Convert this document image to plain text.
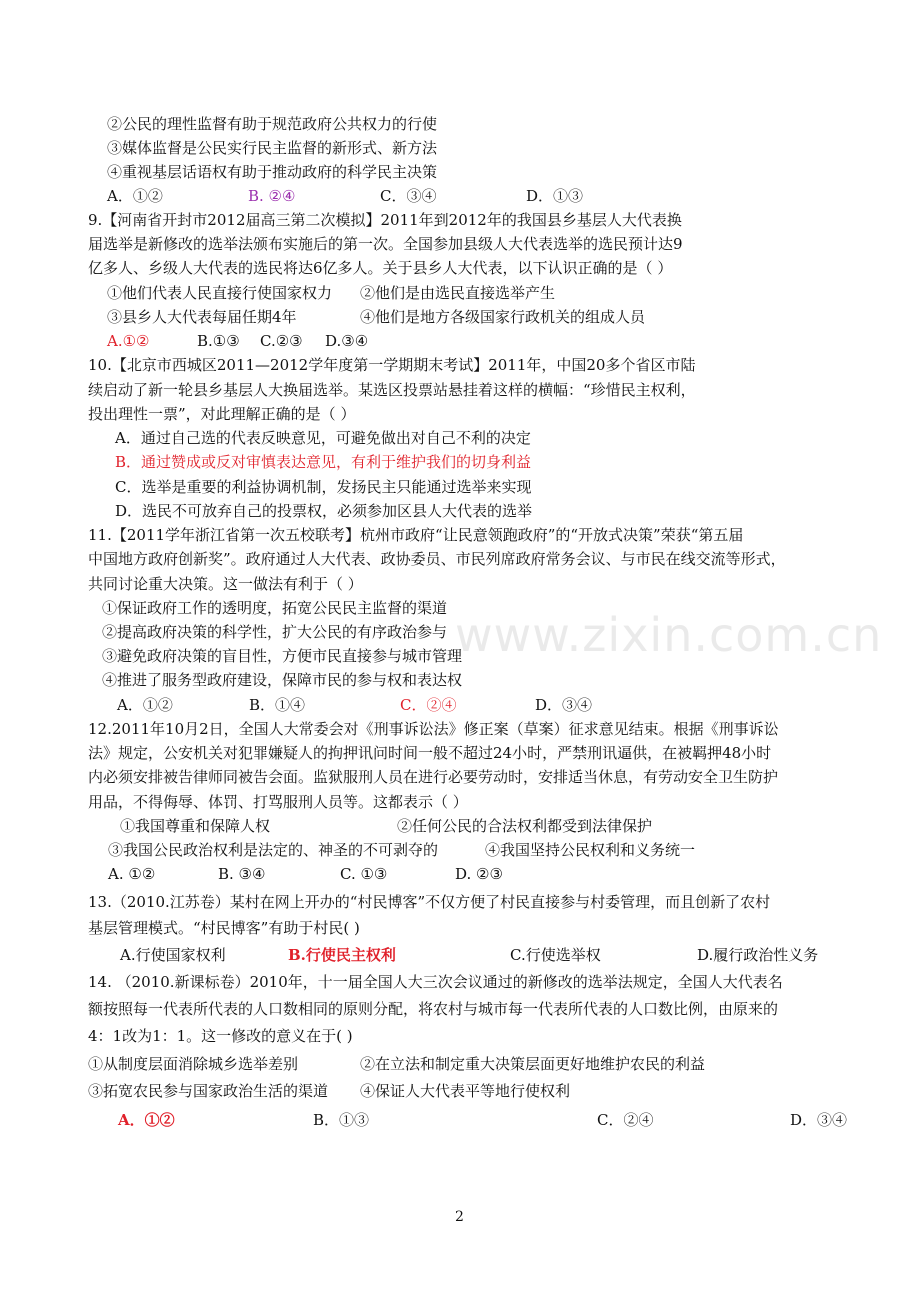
www.zixin.com.cn
②公民的理性监督有助于规范政府公共权力的行使
③媒体监督是公民实行民主监督的新形式、新方法
④重视基层话语权有助于推动政府的科学民主决策
A．①②	B. ②④	C．③④	D．①③
9.【河南省开封市2012届高三第二次模拟】2011年到2012年的我国县乡基层人大代表换
届选举是新修改的选举法颁布实施后的第一次。全国参加县级人大代表选举的选民预计达9
亿多人、乡级人大代表的选民将达6亿多人。关于县乡人大代表，以下认识正确的是（ ）
①他们代表人民直接行使国家权力 ②他们是由选民直接选举产生
③县乡人大代表每届任期4年	④他们是地方各级国家行政机关的组成人员
A.①②	B.①③ C.②③ D.③④
10.【北京市西城区2011—2012学年度第一学期期末考试】2011年，中国20多个省区市陆
续启动了新一轮县乡基层人大换届选举。某选区投票站悬挂着这样的横幅：“珍惜民主权利，
投出理性一票”，对此理解正确的是（ ）
A．通过自己选的代表反映意见，可避免做出对自己不利的决定
B．通过赞成或反对审慎表达意见，有利于维护我们的切身利益
C．选举是重要的利益协调机制，发扬民主只能通过选举来实现
D．选民不可放弃自己的投票权，必须参加区县人大代表的选举
11.【2011学年浙江省第一次五校联考】杭州市政府“让民意领跑政府”的“开放式决策”荣获“第五届
中国地方政府创新奖”。政府通过人大代表、政协委员、市民列席政府常务会议、与市民在线交流等形式，
共同讨论重大决策。这一做法有利于（ ）
①保证政府工作的透明度，拓宽公民民主监督的渠道
②提高政府决策的科学性，扩大公民的有序政治参与
③避免政府决策的盲目性，方便市民直接参与城市管理
④推进了服务型政府建设，保障市民的参与权和表达权
A．①②	B．①④	C．②④	D．③④
12.2011年10月2日，全国人大常委会对《刑事诉讼法》修正案（草案）征求意见结束。根据《刑事诉讼
法》规定，公安机关对犯罪嫌疑人的拘押讯问时间一般不超过24小时，严禁刑讯逼供，在被羁押48小时
内必须安排被告律师同被告会面。监狱服刑人员在进行必要劳动时，安排适当休息，有劳动安全卫生防护
用品，不得侮辱、体罚、打骂服刑人员等。这都表示（ ）
①我国尊重和保障人权	②任何公民的合法权利都受到法律保护
③我国公民政治权利是法定的、神圣的不可剥夺的	④我国坚持公民权利和义务统一
A. ①②	B. ③④	C. ①③	D. ②③
13.（2010.江苏卷）某村在网上开办的“村民博客”不仅方便了村民直接参与村委管理，而且创新了农村
基层管理模式。“村民博客”有助于村民( )
A.行使国家权利	B.行使民主权利	C.行使选举权	D.履行政治性义务
14. （2010.新课标卷）2010年，十一届全国人大三次会议通过的新修改的选举法规定，全国人大代表名
额按照每一代表所代表的人口数相同的原则分配，将农村与城市每一代表所代表的人口数比例，由原来的
4：1改为1：1。这一修改的意义在于( )
①从制度层面消除城乡选举差别	②在立法和制定重大决策层面更好地维护农民的利益
③拓宽农民参与国家政治生活的渠道 ④保证人大代表平等地行使权利
A．①②	B．①③	C．②④	D．③④
2
